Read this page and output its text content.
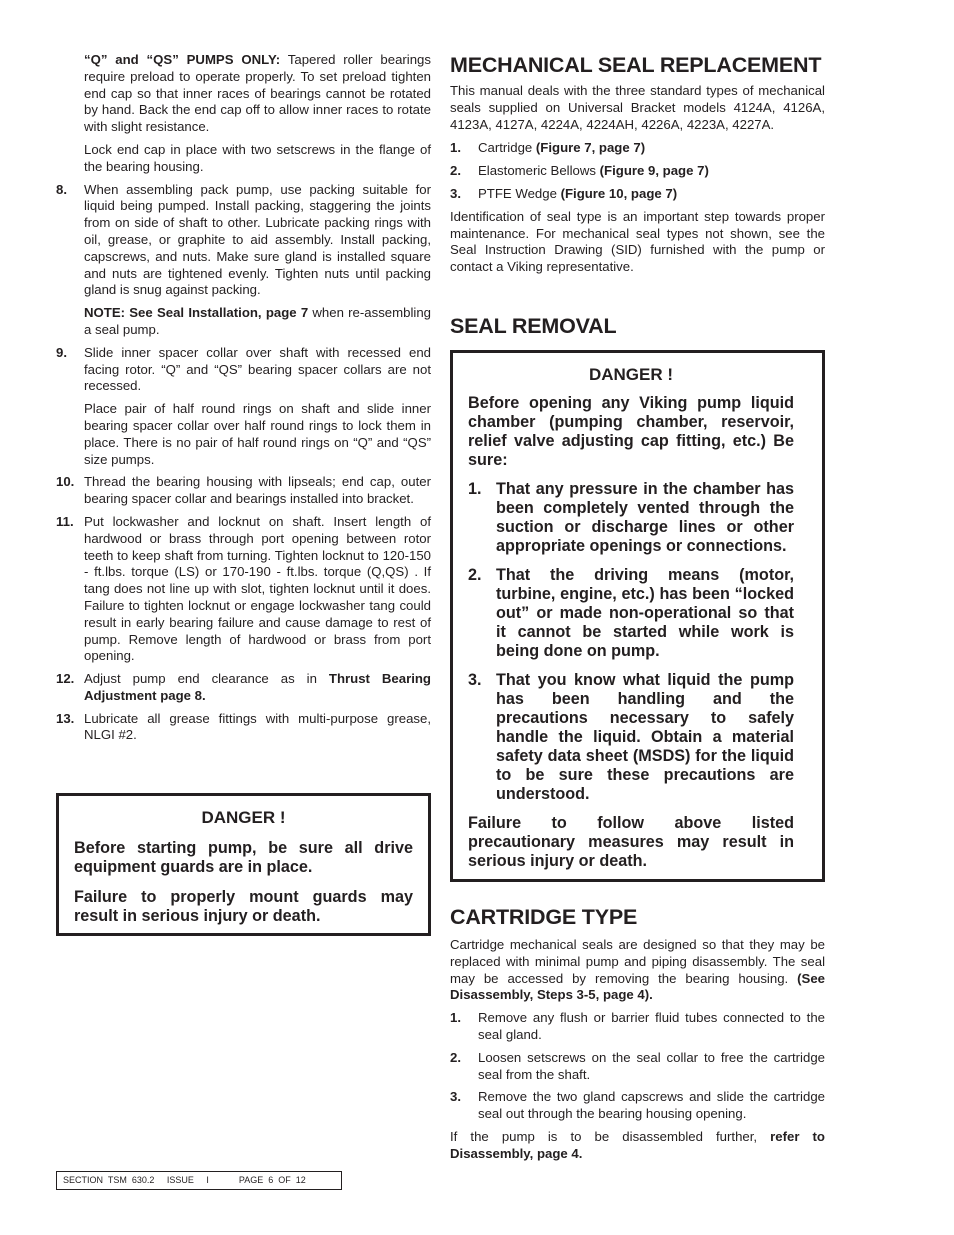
“Q” and “QS” PUMPS ONLY: Tapered roller bearings require preload to operate properly. To set preload tighten end cap so that inner races of bearings cannot be rotated by hand. Back the end cap off to allow inner races to rotate with slight resistance.

Lock end cap in place with two setscrews in the flange of the bearing housing.

8. When assembling pack pump, use packing suitable for liquid being pumped. Install packing, staggering the joints from on side of shaft to other. Lubricate packing rings with oil, grease, or graphite to aid assembly. Install packing, capscrews, and nuts. Make sure gland is installed square and nuts are tightened evenly. Tighten nuts until packing gland is snug against packing.

NOTE: See Seal Installation, page 7 when re-assembling a seal pump.

9. Slide inner spacer collar over shaft with recessed end facing rotor. “Q” and “QS” bearing spacer collars are not recessed.

Place pair of half round rings on shaft and slide inner bearing spacer collar over half round rings to lock them in place. There is no pair of half round rings on “Q” and “QS” size pumps.

10. Thread the bearing housing with lipseals; end cap, outer bearing spacer collar and bearings installed into bracket.

11. Put lockwasher and locknut on shaft. Insert length of hardwood or brass through port opening between rotor teeth to keep shaft from turning. Tighten locknut to 120-150 - ft.lbs. torque (LS) or 170-190 - ft.lbs. torque (Q,QS) . If tang does not line up with slot, tighten locknut until it does. Failure to tighten locknut or engage lockwasher tang could result in early bearing failure and cause damage to rest of pump. Remove length of hardwood or brass from port opening.

12. Adjust pump end clearance as in Thrust Bearing Adjustment page 8.

13. Lubricate all grease fittings with multi-purpose grease, NLGI #2.

DANGER !

Before starting pump, be sure all drive equipment guards are in place.

Failure to properly mount guards may result in serious injury or death.

MECHANICAL SEAL REPLACEMENT

This manual deals with the three standard types of mechanical seals supplied on Universal Bracket models 4124A, 4126A, 4123A, 4127A, 4224A, 4224AH, 4226A, 4223A, 4227A.

1. Cartridge (Figure 7, page 7)

2. Elastomeric Bellows (Figure 9, page 7)

3. PTFE Wedge (Figure 10, page 7)

Identification of seal type is an important step towards proper maintenance. For mechanical seal types not shown, see the Seal Instruction Drawing (SID) furnished with the pump or contact a Viking representative.

SEAL REMOVAL
DANGER !

Before opening any Viking pump liquid chamber (pumping chamber, reservoir, relief valve adjusting cap fitting, etc.) Be sure:

1. That any pressure in the chamber has been completely vented through the suction or discharge lines or other appropriate openings or connections.

2. That the driving means (motor, turbine, engine, etc.) has been “locked out” or made non-operational so that it cannot be started while work is being done on pump.

3. That you know what liquid the pump has been handling and the precautions necessary to safely handle the liquid. Obtain a material safety data sheet (MSDS) for the liquid to be sure these precautions are understood.

Failure to follow above listed precautionary measures may result in serious injury or death.

CARTRIDGE TYPE

Cartridge mechanical seals are designed so that they may be replaced with minimal pump and piping disassembly. The seal may be accessed by removing the bearing housing. (See Disassembly, Steps 3-5, page 4).

1. Remove any flush or barrier fluid tubes connected to the seal gland.

2. Loosen setscrews on the seal collar to free the cartridge seal from the shaft.

3. Remove the two gland capscrews and slide the cartridge seal out through the bearing housing opening.

If the pump is to be disassembled further, refer to Disassembly, page 4.

SECTION  TSM  630.2     ISSUE     I            PAGE  6  OF  12
